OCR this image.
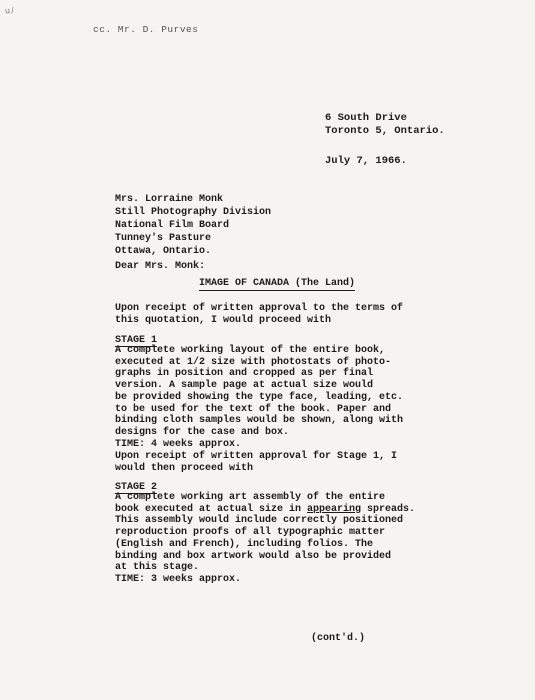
u/
cc. Mr. D. Purves
6 South Drive
Toronto 5, Ontario.
July 7, 1966.
Mrs. Lorraine Monk
Still Photography Division
National Film Board
Tunney's Pasture
Ottawa, Ontario.
Dear Mrs. Monk:
IMAGE OF CANADA (The Land)
Upon receipt of written approval to the terms of
this quotation, I would proceed with
STAGE 1
A complete working layout of the entire book,
executed at 1/2 size with photostats of photo-
graphs in position and cropped as per final
version. A sample page at actual size would
be provided showing the type face, leading, etc.
to be used for the text of the book. Paper and
binding cloth samples would be shown, along with
designs for the case and box.
TIME: 4 weeks approx.
Upon receipt of written approval for Stage 1, I
would then proceed with
STAGE 2
A complete working art assembly of the entire
book executed at actual size in appearing spreads.
This assembly would include correctly positioned
reproduction proofs of all typographic matter
(English and French), including folios. The
binding and box artwork would also be provided
at this stage.
TIME: 3 weeks approx.
(cont'd.)
